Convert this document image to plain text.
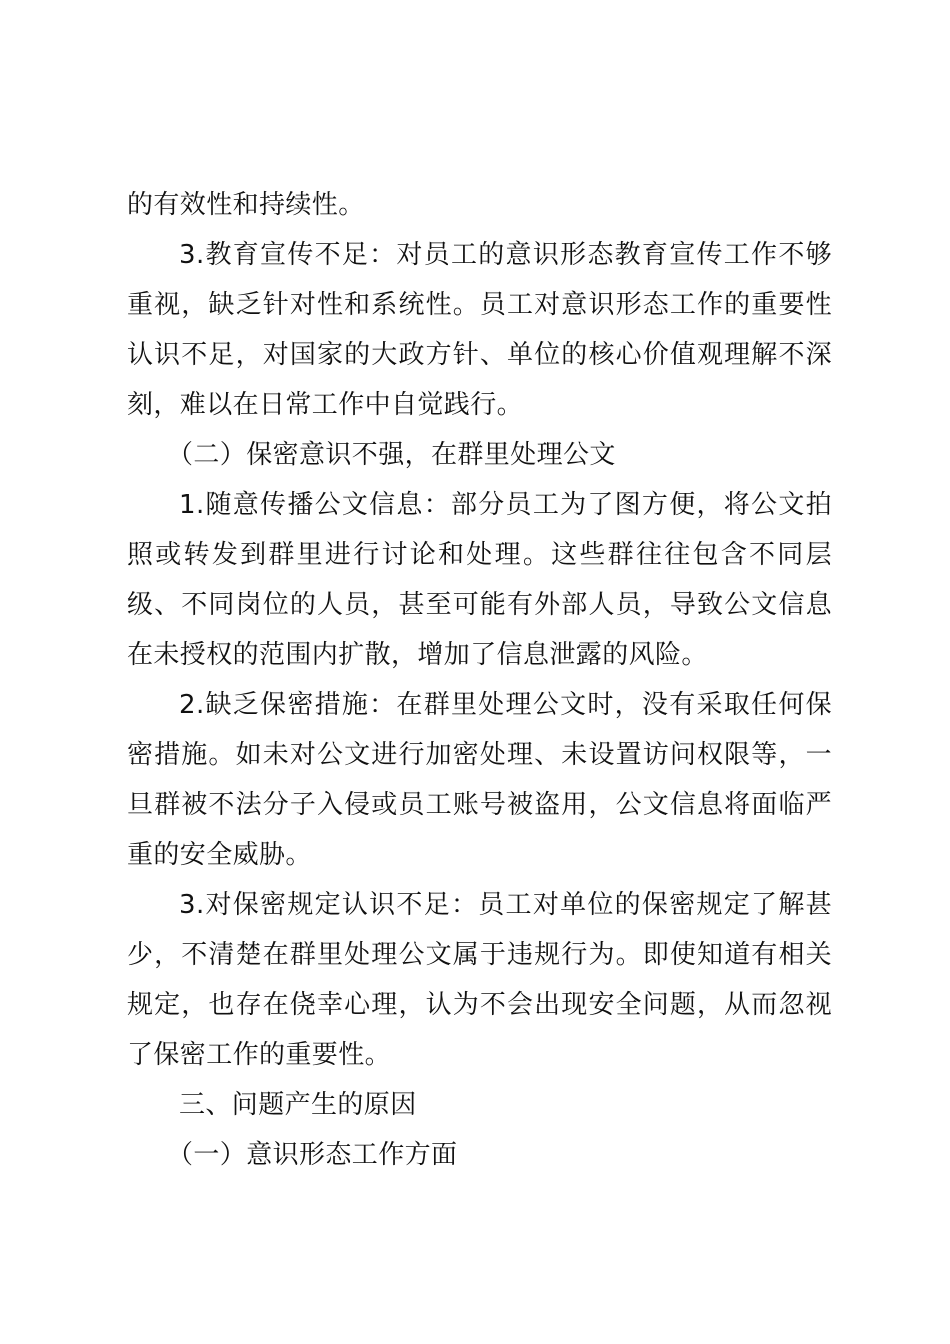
的有效性和持续性。

3.教育宣传不足：对员工的意识形态教育宣传工作不够重视，缺乏针对性和系统性。员工对意识形态工作的重要性认识不足，对国家的大政方针、单位的核心价值观理解不深刻，难以在日常工作中自觉践行。

（二）保密意识不强，在群里处理公文

1.随意传播公文信息：部分员工为了图方便，将公文拍照或转发到群里进行讨论和处理。这些群往往包含不同层级、不同岗位的人员，甚至可能有外部人员，导致公文信息在未授权的范围内扩散，增加了信息泄露的风险。

2.缺乏保密措施：在群里处理公文时，没有采取任何保密措施。如未对公文进行加密处理、未设置访问权限等，一旦群被不法分子入侵或员工账号被盗用，公文信息将面临严重的安全威胁。

3.对保密规定认识不足：员工对单位的保密规定了解甚少，不清楚在群里处理公文属于违规行为。即使知道有相关规定，也存在侥幸心理，认为不会出现安全问题，从而忽视了保密工作的重要性。

三、问题产生的原因

（一）意识形态工作方面
